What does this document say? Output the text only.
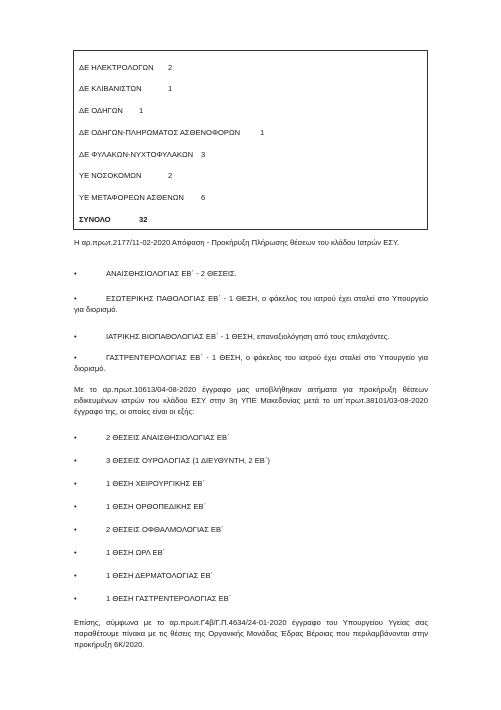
ΔΕ ΗΛΕΚΤΡΟΛΟΓΩΝ 2
ΔΕ ΚΛΙΒΑΝΙΣΤΩΝ	1
ΔΕ ΟΔΗΓΩΝ 1
ΔΕ ΟΔΗΓΩΝ-ΠΛΗΡΩΜΑΤΟΣ ΑΣΘΕΝΟΦΟΡΩΝ	1
ΔΕ ΦΥΛΑΚΩΝ-ΝΥΧΤΟΦΥΛΑΚΩΝ 3
ΥΕ ΝΟΣΟΚΟΜΩΝ	2
ΥΕ ΜΕΤΑΦΟΡΕΩΝ ΑΣΘΕΝΩΝ 6
ΣΥΝΟΛΟ	32

Η αρ.πρωτ.2177/11-02-2020 Απόφαση - Προκήρυξη Πλήρωσης θέσεων του κλάδου Ιατρών ΕΣΥ.

•	ΑΝΑΙΣΘΗΣΙΟΛΟΓΙΑΣ ΕΒ΄ - 2 ΘΕΣΕΙΣ.
•	ΕΣΩΤΕΡΙΚΗΣ ΠΑΘΟΛΟΓΙΑΣ ΕΒ΄ - 1 ΘΕΣΗ, ο φάκελος του ιατρού έχει σταλεί στο Υπουργείο για διορισμό.
•	ΙΑΤΡΙΚΗΣ ΒΙΟΠΑΘΟΛΟΓΙΑΣ ΕΒ΄ - 1 ΘΕΣΗ, επαναξιολόγηση από τους επιλαχόντες.
•	ΓΑΣΤΡΕΝΤΕΡΟΛΟΓΙΑΣ ΕΒ΄ - 1 ΘΕΣΗ, ο φάκελος του ιατρού έχει σταλεί στο Υπουργείο για διορισμό.

Με το αρ.πρωτ.10613/04-08-2020 έγγραφο μας υποβλήθηκαν αιτήματα για προκήρυξη θέσεων ειδικευμένων ιατρών του κλάδου ΕΣΥ στην 3η ΥΠΕ Μακεδονίας μετά το υπ΄πρωτ.38101/03-08-2020 έγγραφο της, οι οποίες είναι οι εξής:

•	2 ΘΕΣΕΙΣ ΑΝΑΙΣΘΗΣΙΟΛΟΓΙΑΣ ΕΒ΄
•	3 ΘΕΣΕΙΣ ΟΥΡΟΛΟΓΙΑΣ (1 ΔΙΕΥΘΥΝΤΗ, 2 ΕΒ΄)
•	1 ΘΕΣΗ ΧΕΙΡΟΥΡΓΙΚΗΣ ΕΒ΄
•	1 ΘΕΣΗ ΟΡΘΟΠΕΔΙΚΗΣ ΕΒ΄
•	2 ΘΕΣΕΙΣ ΟΦΘΑΛΜΟΛΟΓΙΑΣ ΕΒ΄
•	1 ΘΕΣΗ ΩΡΛ ΕΒ΄
•	1 ΘΕΣΗ ΔΕΡΜΑΤΟΛΟΓΙΑΣ ΕΒ΄
•	1 ΘΕΣΗ ΓΑΣΤΡΕΝΤΕΡΟΛΟΓΙΑΣ ΕΒ΄

Επίσης, σύμφωνα με το αρ.πρωτ.Γ4β/Γ.Π.4634/24-01-2020 έγγραφο του Υπουργείου Υγείας σας παραθέτουμε πίνακα με τις θέσεις της Οργανικής Μονάδας Έδρας Βέροιας που περιλαμβάνονται στην προκήρυξη 6Κ/2020.
